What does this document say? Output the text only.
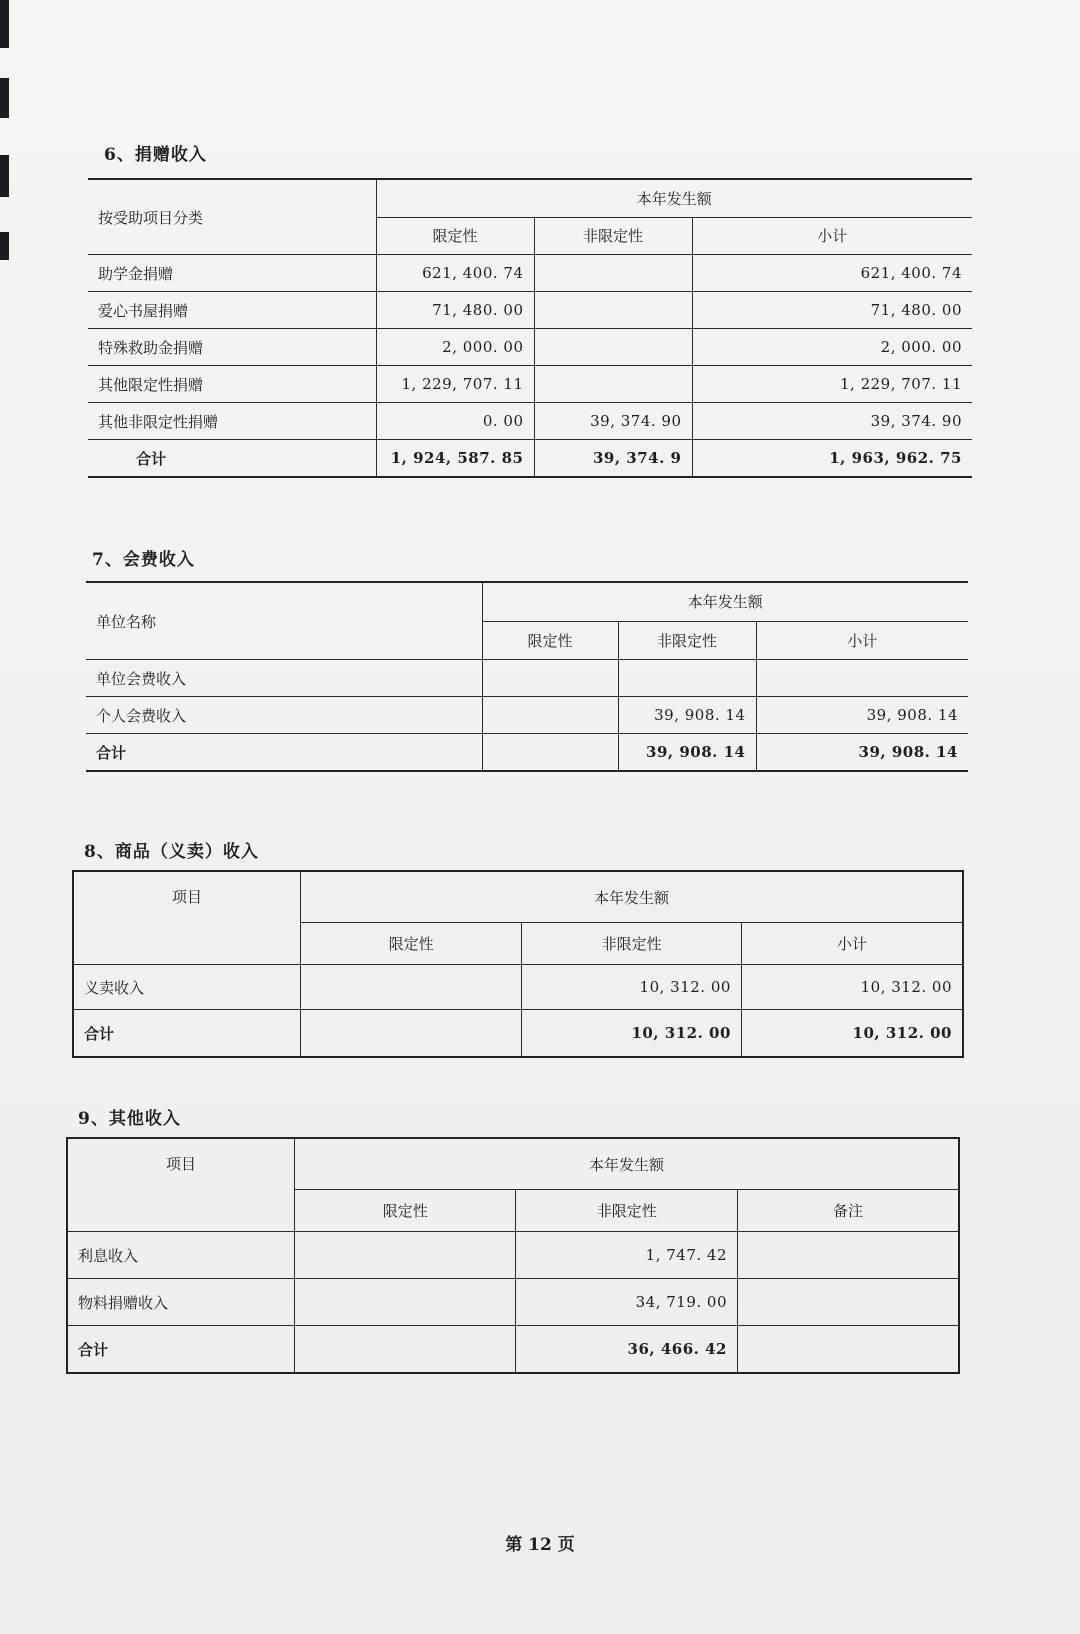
6、捐赠收入
按受助项目分类	本年发生额		
	限定性	非限定性	小计
助学金捐赠	621, 400. 74		621, 400. 74
爱心书屋捐赠	71, 480. 00		71, 480. 00
特殊救助金捐赠	2, 000. 00		2, 000. 00
其他限定性捐赠	1, 229, 707. 11		1, 229, 707. 11
其他非限定性捐赠	0. 00	39, 374. 90	39, 374. 90
合计	1, 924, 587. 85	39, 374. 9	1, 963, 962. 75
7、会费收入
单位名称	本年发生额		
	限定性	非限定性	小计
单位会费收入			
个人会费收入		39, 908. 14	39, 908. 14
合计		39, 908. 14	39, 908. 14
8、商品（义卖）收入
项目	本年发生额		
	限定性	非限定性	小计
义卖收入		10, 312. 00	10, 312. 00
合计		10, 312. 00	10, 312. 00
9、其他收入
项目	本年发生额		
	限定性	非限定性	备注
利息收入		1, 747. 42	
物料捐赠收入		34, 719. 00	
合计		36, 466. 42	
第 12 页
